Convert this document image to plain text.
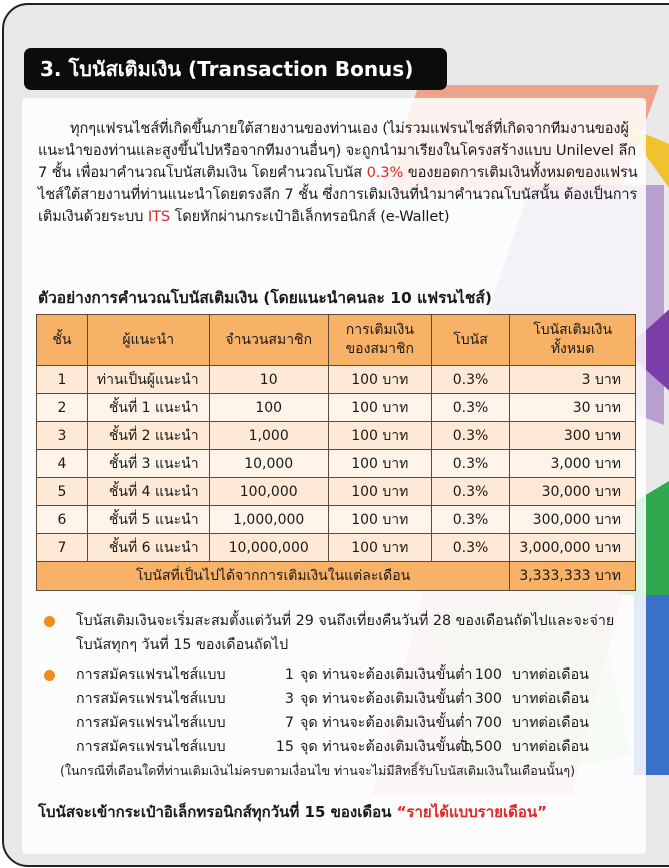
3. โบนัสเติมเงิน (Transaction Bonus)
ทุกๆแฟรนไชส์ที่เกิดขึ้นภายใต้สายงานของท่านเอง (ไม่รวมแฟรนไชส์ที่เกิดจากทีมงานของผู้แนะนำของท่านและสูงขึ้นไปหรือจากทีมงานอื่นๆ) จะถูกนำมาเรียงในโครงสร้างแบบ Unilevel ลึก 7 ชั้น เพื่อมาคำนวณโบนัสเติมเงิน โดยคำนวณโบนัส 0.3% ของยอดการเติมเงินทั้งหมดของแฟรนไชส์ใต้สายงานที่ท่านแนะนำโดยตรงลึก 7 ชั้น ซึ่งการเติมเงินที่นำมาคำนวณโบนัสนั้น ต้องเป็นการเติมเงินด้วยระบบ ITS โดยหักผ่านกระเป๋าอิเล็กทรอนิกส์ (e-Wallet)
ตัวอย่างการคำนวณโบนัสเติมเงิน (โดยแนะนำคนละ 10 แฟรนไชส์)
ชั้น	ผู้แนะนำ	จำนวนสมาชิก	การเติมเงินของสมาชิก	โบนัส	โบนัสเติมเงินทั้งหมด
1	ท่านเป็นผู้แนะนำ	10	100 บาท	0.3%	3 บาท
2	ชั้นที่ 1 แนะนำ	100	100 บาท	0.3%	30 บาท
3	ชั้นที่ 2 แนะนำ	1,000	100 บาท	0.3%	300 บาท
4	ชั้นที่ 3 แนะนำ	10,000	100 บาท	0.3%	3,000 บาท
5	ชั้นที่ 4 แนะนำ	100,000	100 บาท	0.3%	30,000 บาท
6	ชั้นที่ 5 แนะนำ	1,000,000	100 บาท	0.3%	300,000 บาท
7	ชั้นที่ 6 แนะนำ	10,000,000	100 บาท	0.3%	3,000,000 บาท
โบนัสที่เป็นไปได้จากการเติมเงินในแต่ละเดือน					3,333,333 บาท
โบนัสเติมเงินจะเริ่มสะสมตั้งแต่วันที่ 29 จนถึงเที่ยงคืนวันที่ 28 ของเดือนถัดไปและจะจ่ายโบนัสทุกๆ วันที่ 15 ของเดือนถัดไป
การสมัครแฟรนไชส์แบบ	1 จุด ท่านจะต้องเติมเงินขั้นต่ำ 100 บาทต่อเดือน
การสมัครแฟรนไชส์แบบ	3 จุด ท่านจะต้องเติมเงินขั้นต่ำ 300 บาทต่อเดือน
การสมัครแฟรนไชส์แบบ	7 จุด ท่านจะต้องเติมเงินขั้นต่ำ 700 บาทต่อเดือน
การสมัครแฟรนไชส์แบบ	15 จุด ท่านจะต้องเติมเงินขั้นต่ำ
1,500 บาทต่อเดือน
(ในกรณีที่เดือนใดที่ท่านเติมเงินไม่ครบตามเงื่อนไข ท่านจะไม่มีสิทธิ์รับโบนัสเติมเงินในเดือนนั้นๆ)
โบนัสจะเข้ากระเป๋าอิเล็กทรอนิกส์ทุกวันที่ 15 ของเดือน “รายได้แบบรายเดือน”
